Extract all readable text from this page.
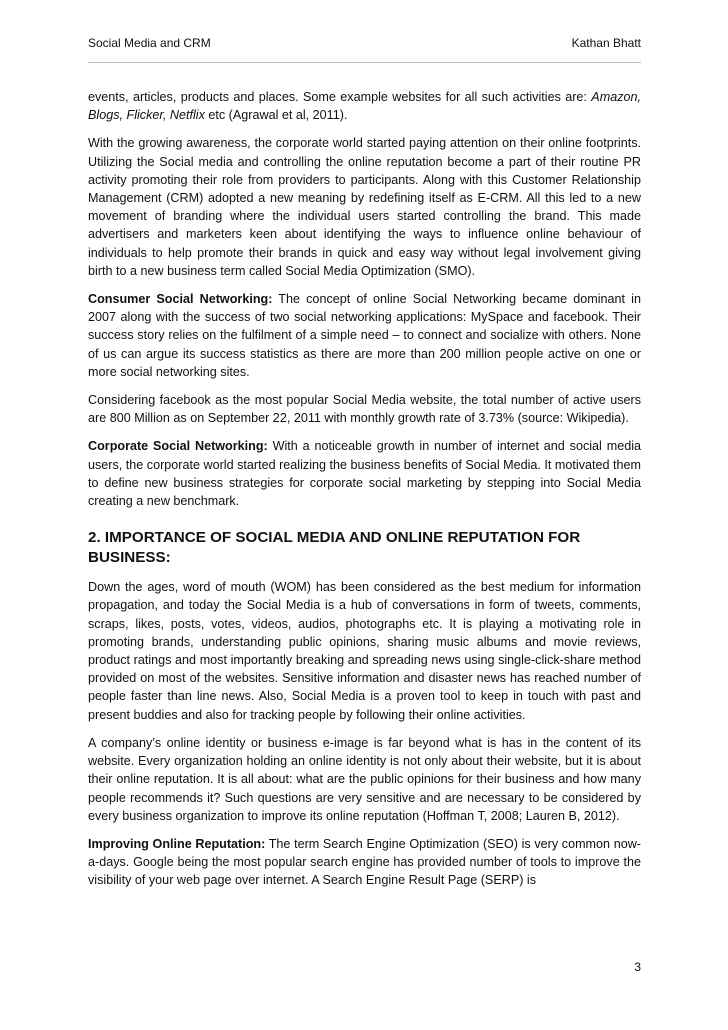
Social Media and CRM	Kathan Bhatt

events, articles, products and places. Some example websites for all such activities are: Amazon, Blogs, Flicker, Netflix etc (Agrawal et al, 2011).

With the growing awareness, the corporate world started paying attention on their online footprints. Utilizing the Social media and controlling the online reputation become a part of their routine PR activity promoting their role from providers to participants. Along with this Customer Relationship Management (CRM) adopted a new meaning by redefining itself as E-CRM. All this led to a new movement of branding where the individual users started controlling the brand. This made advertisers and marketers keen about identifying the ways to influence online behaviour of individuals to help promote their brands in quick and easy way without legal involvement giving birth to a new business term called Social Media Optimization (SMO).

Consumer Social Networking: The concept of online Social Networking became dominant in 2007 along with the success of two social networking applications: MySpace and facebook. Their success story relies on the fulfilment of a simple need – to connect and socialize with others. None of us can argue its success statistics as there are more than 200 million people active on one or more social networking sites.

Considering facebook as the most popular Social Media website, the total number of active users are 800 Million as on September 22, 2011 with monthly growth rate of 3.73% (source: Wikipedia).

Corporate Social Networking: With a noticeable growth in number of internet and social media users, the corporate world started realizing the business benefits of Social Media. It motivated them to define new business strategies for corporate social marketing by stepping into Social Media creating a new benchmark.

2. IMPORTANCE OF SOCIAL MEDIA AND ONLINE REPUTATION FOR BUSINESS:

Down the ages, word of mouth (WOM) has been considered as the best medium for information propagation, and today the Social Media is a hub of conversations in form of tweets, comments, scraps, likes, posts, votes, videos, audios, photographs etc. It is playing a motivating role in promoting brands, understanding public opinions, sharing music albums and movie reviews, product ratings and most importantly breaking and spreading news using single-click-share method provided on most of the websites. Sensitive information and disaster news has reached number of people faster than line news. Also, Social Media is a proven tool to keep in touch with past and present buddies and also for tracking people by following their online activities.

A company’s online identity or business e-image is far beyond what is has in the content of its website. Every organization holding an online identity is not only about their website, but it is about their online reputation. It is all about: what are the public opinions for their business and how many people recommends it? Such questions are very sensitive and are necessary to be considered by every business organization to improve its online reputation (Hoffman T, 2008; Lauren B, 2012).

Improving Online Reputation: The term Search Engine Optimization (SEO) is very common now-a-days. Google being the most popular search engine has provided number of tools to improve the visibility of your web page over internet. A Search Engine Result Page (SERP) is

3
